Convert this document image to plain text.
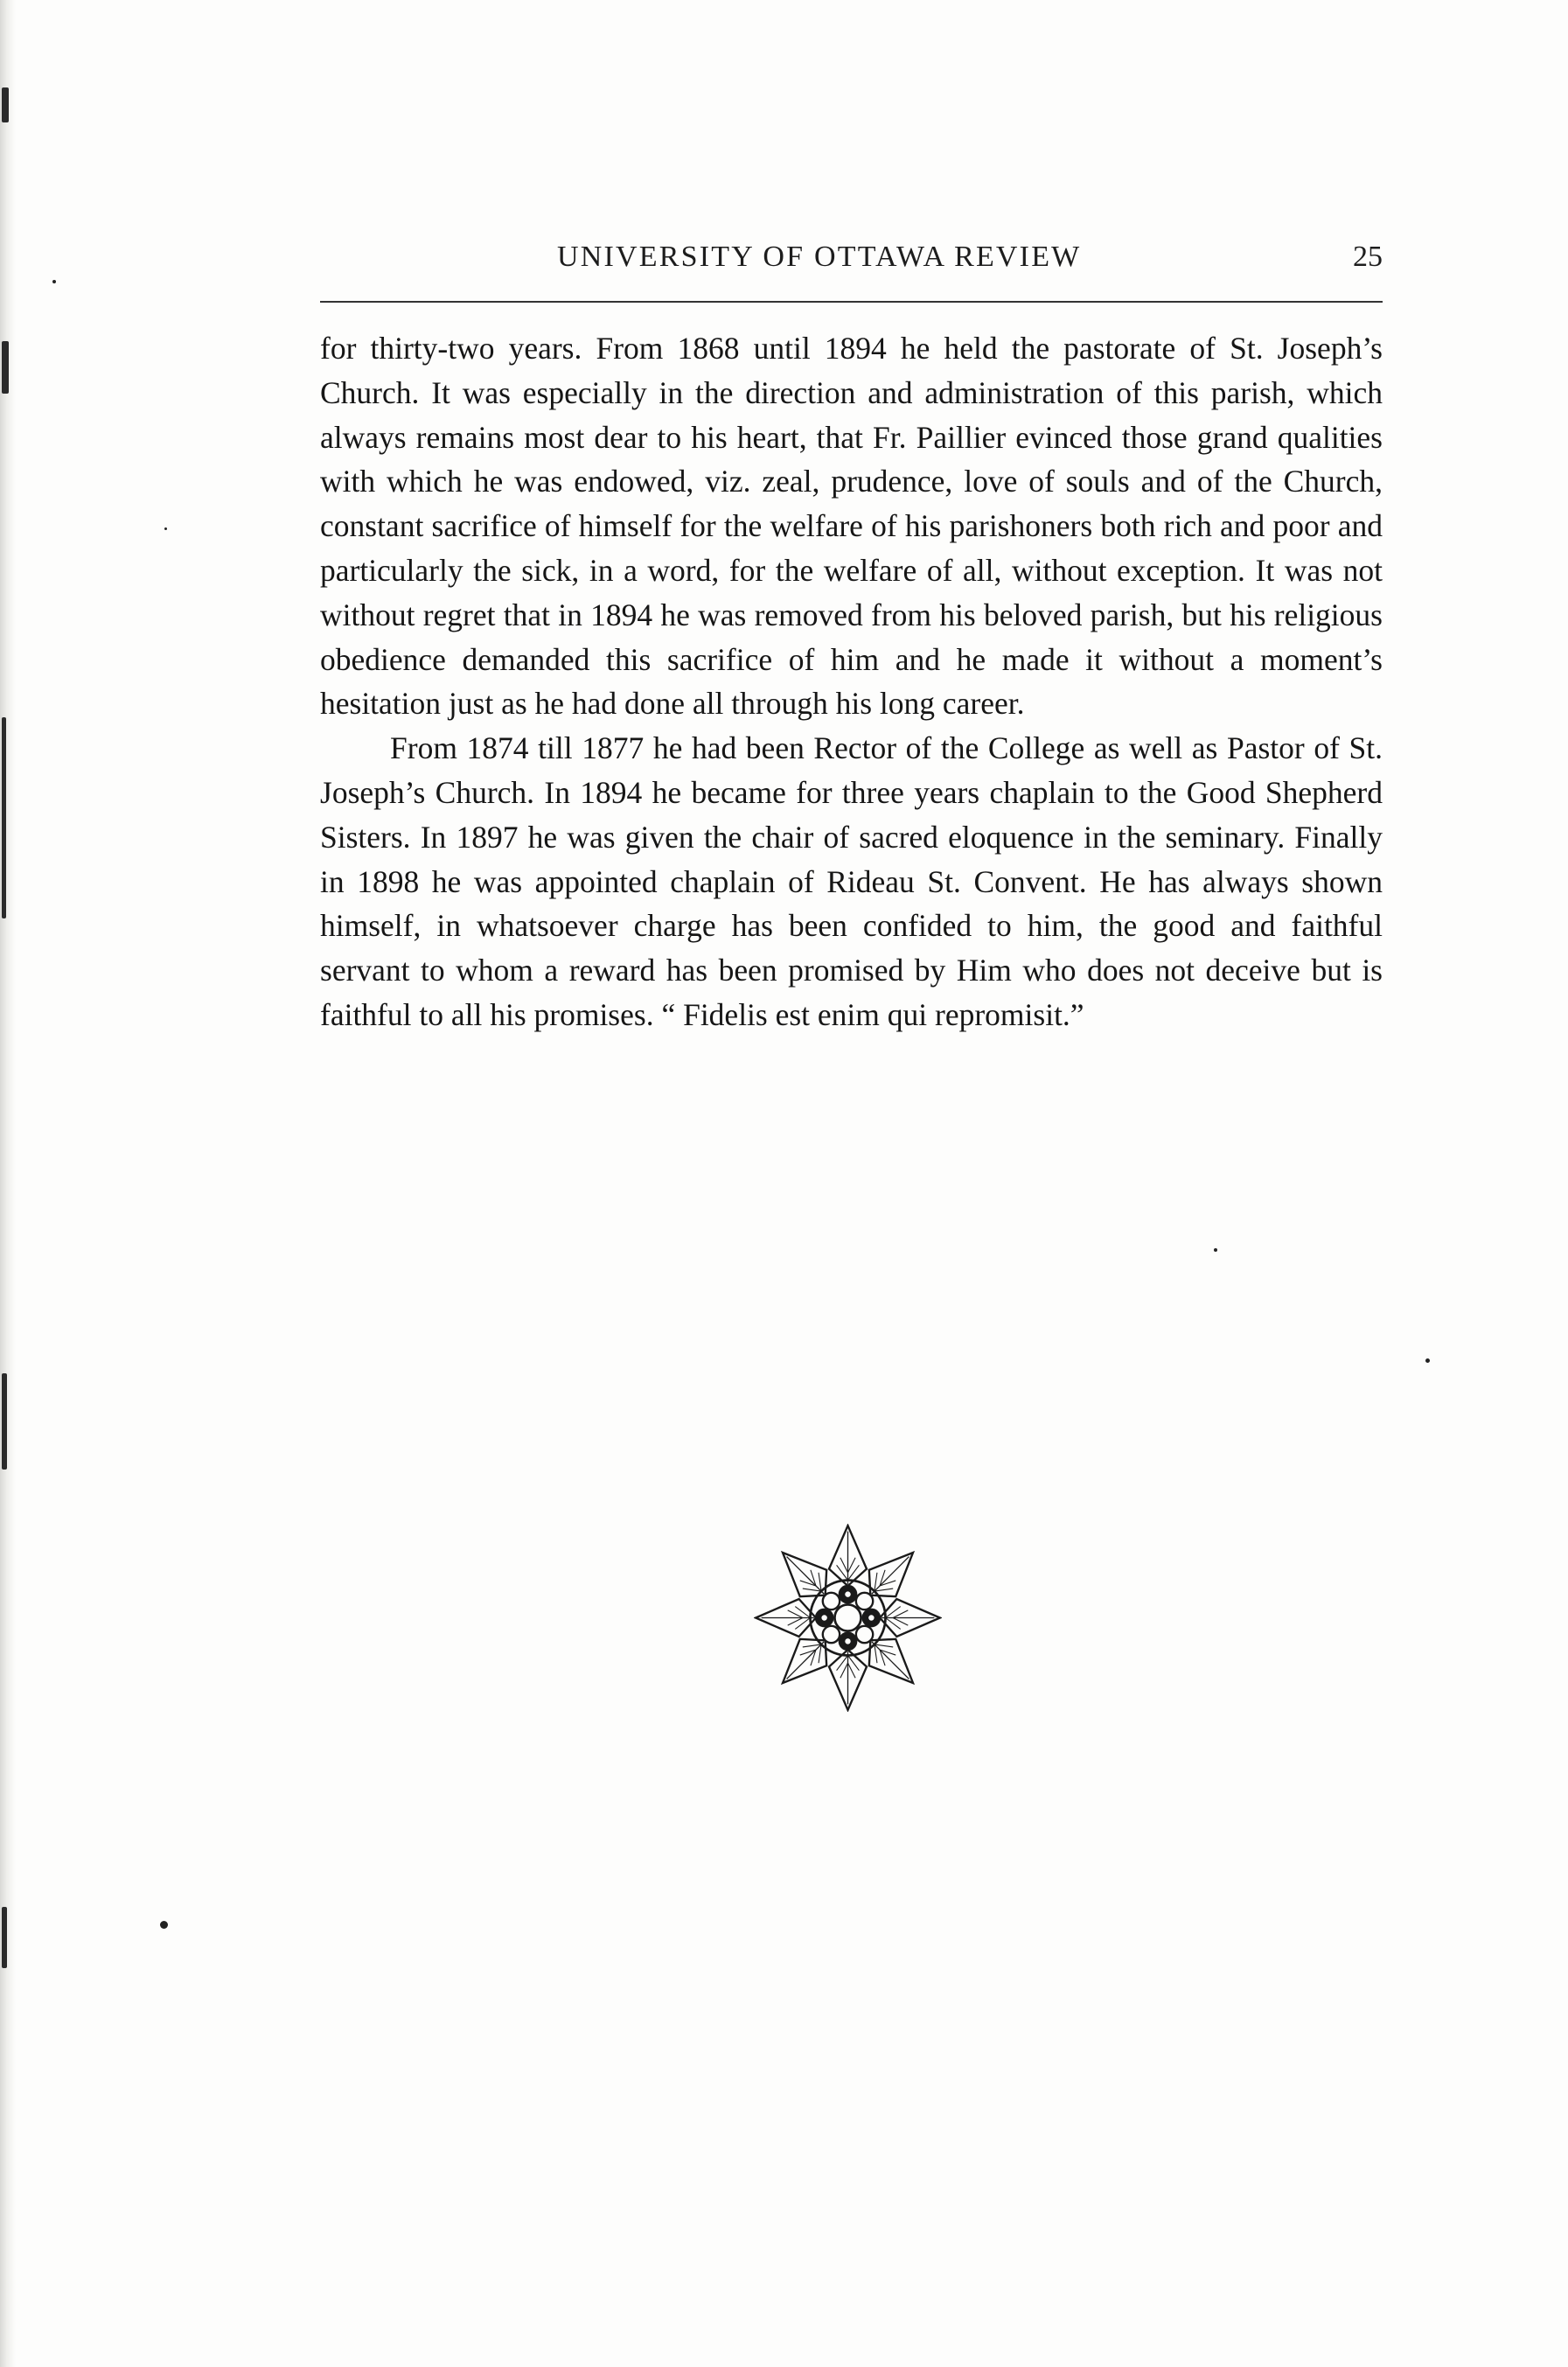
UNIVERSITY OF OTTAWA REVIEW	25

for thirty-two years. From 1868 until 1894 he held the pastorate of St. Joseph’s Church. It was especially in the direction and administration of this parish, which always remains most dear to his heart, that Fr. Paillier evinced those grand qualities with which he was endowed, viz. zeal, prudence, love of souls and of the Church, constant sacrifice of himself for the welfare of his parishoners both rich and poor and particularly the sick, in a word, for the welfare of all, without exception. It was not without regret that in 1894 he was removed from his beloved parish, but his religious obedience demanded this sacrifice of him and he made it without a moment’s hesitation just as he had done all through his long career.

From 1874 till 1877 he had been Rector of the College as well as Pastor of St. Joseph’s Church. In 1894 he became for three years chaplain to the Good Shepherd Sisters. In 1897 he was given the chair of sacred eloquence in the seminary. Finally in 1898 he was appointed chaplain of Rideau St. Convent. He has always shown himself, in whatsoever charge has been confided to him, the good and faithful servant to whom a reward has been promised by Him who does not deceive but is faithful to all his promises. “ Fidelis est enim qui repromisit.”
